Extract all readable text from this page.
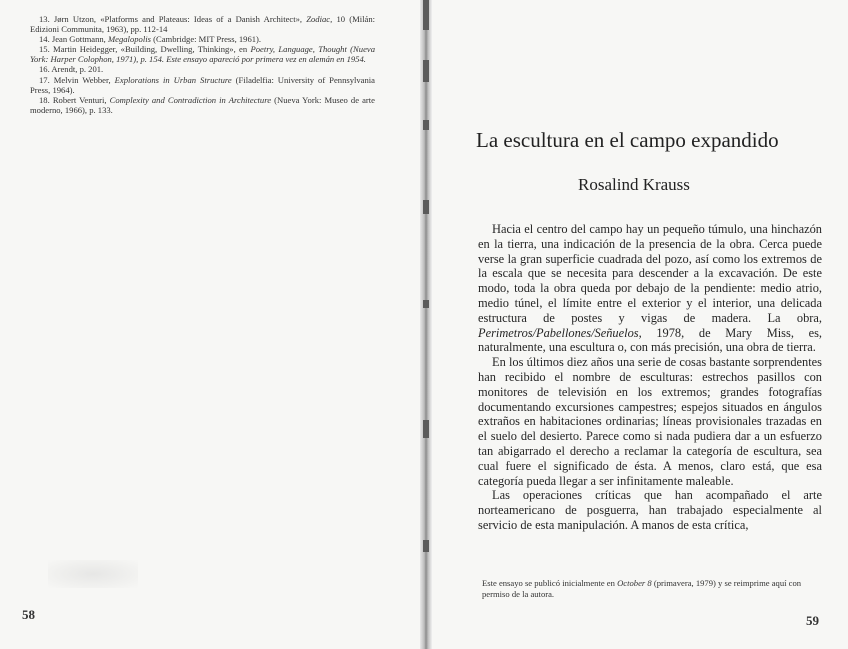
13. Jørn Utzon, «Platforms and Plateaus: Ideas of a Danish Architect», Zodiac, 10 (Milán: Edizioni Communita, 1963), pp. 112-14

14. Jean Gottmann, Megalopolis (Cambridge: MIT Press, 1961).

15. Martin Heidegger, «Building, Dwelling, Thinking», en Poetry, Language, Thought (Nueva York: Harper Colophon, 1971), p. 154. Este ensayo apareció por primera vez en alemán en 1954.

16. Arendt, p. 201.

17. Melvin Webber, Explorations in Urban Structure (Filadelfia: University of Pennsylvania Press, 1964).

18. Robert Venturi, Complexity and Contradiction in Architecture (Nueva York: Museo de arte moderno, 1966), p. 133.

58
La escultura en el campo expandido
Rosalind Krauss

Hacia el centro del campo hay un pequeño túmulo, una hinchazón en la tierra, una indicación de la presencia de la obra. Cerca puede verse la gran superficie cuadrada del pozo, así como los extremos de la escala que se necesita para descender a la excavación. De este modo, toda la obra queda por debajo de la pendiente: medio atrio, medio túnel, el límite entre el exterior y el interior, una delicada estructura de postes y vigas de madera. La obra, Perimetros/Pabellones/Señuelos, 1978, de Mary Miss, es, naturalmente, una escultura o, con más precisión, una obra de tierra.

En los últimos diez años una serie de cosas bastante sorprendentes han recibido el nombre de esculturas: estrechos pasillos con monitores de televisión en los extremos; grandes fotografías documentando excursiones campestres; espejos situados en ángulos extraños en habitaciones ordinarias; líneas provisionales trazadas en el suelo del desierto. Parece como si nada pudiera dar a un esfuerzo tan abigarrado el derecho a reclamar la categoría de escultura, sea cual fuere el significado de ésta. A menos, claro está, que esa categoría pueda llegar a ser infinitamente maleable.

Las operaciones críticas que han acompañado el arte norteamericano de posguerra, han trabajado especialmente al servicio de esta manipulación. A manos de esta crítica,

Este ensayo se publicó inicialmente en October 8 (primavera, 1979) y se reimprime aquí con permiso de la autora.
59
